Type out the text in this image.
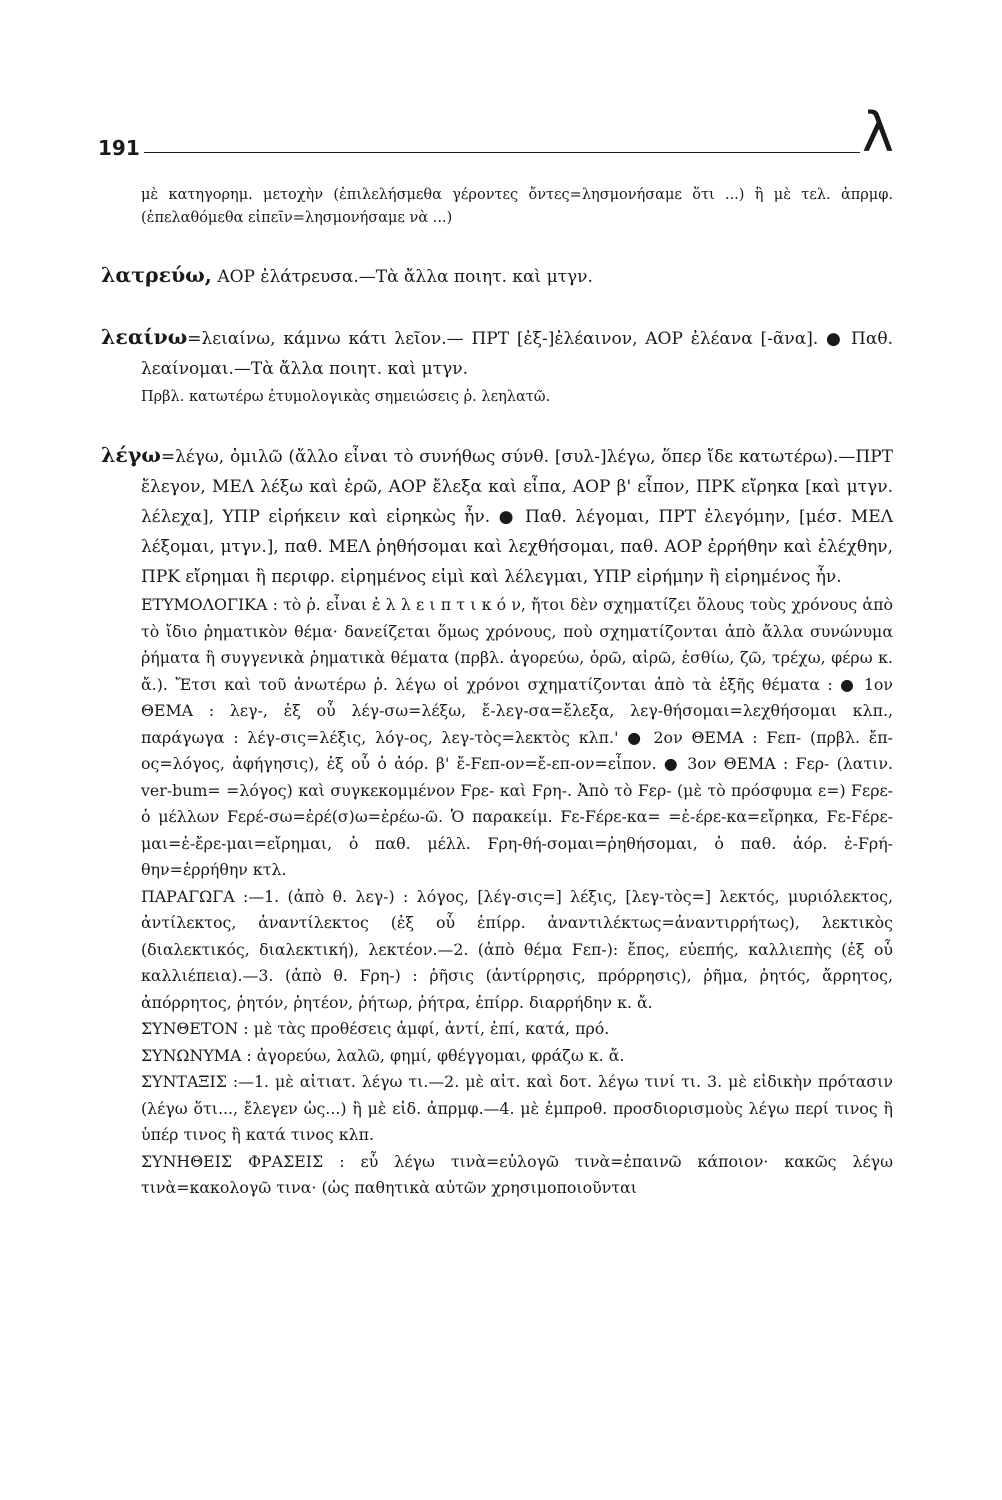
191	λ

μὲ κατηγορημ. μετοχὴν (ἐπιλελήσμεθα γέροντες ὄντες=λησμονήσαμε ὅτι ...) ἢ μὲ τελ. ἀπρμφ. (ἐπελαθόμεθα εἰπεῖν=λησμονήσαμε νὰ ...)

λατρεύω, ΑΟΡ ἐλάτρευσα.—Τὰ ἄλλα ποιητ. καὶ μτγν.

λεαίνω=λειαίνω, κάμνω κάτι λεῖον.— ΠΡΤ [ἐξ-]ἐλέαινον, ΑΟΡ ἐλέανα [-ᾶνα]. ● Παθ. λεαίνομαι.—Τὰ ἄλλα ποιητ. καὶ μτγν.

Πρβλ. κατωτέρω ἐτυμολογικὰς σημειώσεις ῥ. λεηλατῶ.

λέγω=λέγω, ὁμιλῶ (ἄλλο εἶναι τὸ συνήθως σύνθ. [συλ-]λέγω, ὅπερ ἴδε κατωτέρω).—ΠΡΤ ἔλεγον, ΜΕΛ λέξω καὶ ἐρῶ, ΑΟΡ ἔλεξα καὶ εἶπα, ΑΟΡ β' εἶπον, ΠΡΚ εἴρηκα [καὶ μτγν. λέλεχα], ΥΠΡ εἰρήκειν καὶ εἰρηκὼς ἦν. ● Παθ. λέγομαι, ΠΡΤ ἐλεγόμην, [μέσ. ΜΕΛ λέξομαι, μτγν.], παθ. ΜΕΛ ῥηθήσομαι καὶ λεχθήσομαι, παθ. ΑΟΡ ἐρρήθην καὶ ἐλέχθην, ΠΡΚ εἴρημαι ἢ περιφρ. εἰρημένος εἰμὶ καὶ λέλεγμαι, ΥΠΡ εἰρήμην ἢ εἰρημένος ἦν.

ΕΤΥΜΟΛΟΓΙΚΑ : τὸ ῥ. εἶναι ἐ λ λ ε ι π τ ι κ ό ν, ἤτοι δὲν σχηματίζει ὅλους τοὺς χρόνους ἀπὸ τὸ ἴδιο ῥηματικὸν θέμα· δανείζεται ὅμως χρόνους, ποὺ σχηματίζονται ἀπὸ ἄλλα συνώνυμα ῥήματα ἢ συγγενικὰ ῥηματικὰ θέματα (πρβλ. ἀγορεύω, ὁρῶ, αἱρῶ, ἐσθίω, ζῶ, τρέχω, φέρω κ. ἄ.). Ἔτσι καὶ τοῦ ἀνωτέρω ῥ. λέγω οἱ χρόνοι σχηματίζονται ἀπὸ τὰ ἑξῆς θέματα : ● 1ον ΘΕΜΑ : λεγ-, ἐξ οὗ λέγ-σω=λέξω, ἔ-λεγ-σα=ἔλεξα, λεγ-θήσομαι=λεχθήσομαι κλπ., παράγωγα : λέγ-σις=λέξις, λόγ-ος, λεγ-τὸς=λεκτὸς κλπ.' ● 2ον ΘΕΜΑ : Ϝεπ- (πρβλ. ἔπ-ος=λόγος, ἀφήγησις), ἐξ οὗ ὁ ἀόρ. β' ἔ-Ϝεπ-ον=ἔ-επ-ον=εἶπον. ● 3ον ΘΕΜΑ : Ϝερ- (λατιν. ver-bum= =λόγος) καὶ συγκεκομμένον Ϝρε- καὶ Ϝρη-. Ἀπὸ τὸ Ϝερ- (μὲ τὸ πρόσφυμα ε=) Ϝερε- ὁ μέλλων Ϝερέ-σω=ἐρέ(σ)ω=ἐρέω-ῶ. Ὁ παρακείμ. Ϝε-Ϝέρε-κα= =ἐ-έρε-κα=εἴρηκα, Ϝε-Ϝέρε-μαι=ἐ-ἔρε-μαι=εἴρημαι, ὁ παθ. μέλλ. Ϝρη-θή-σομαι=ῥηθήσομαι, ὁ παθ. ἀόρ. ἐ-Ϝρή-θην=ἐρρήθην κτλ.

ΠΑΡΑΓΩΓΑ :—1. (ἀπὸ θ. λεγ-) : λόγος, [λέγ-σις=] λέξις, [λεγ-τὸς=] λεκτός, μυριόλεκτος, ἀντίλεκτος, ἀναντίλεκτος (ἐξ οὗ ἐπίρρ. ἀναντιλέκτως=ἀναντιρρήτως), λεκτικὸς (διαλεκτικός, διαλεκτική), λεκτέον.—2. (ἀπὸ θέμα Ϝεπ-): ἔπος, εὐεπής, καλλιεπὴς (ἐξ οὗ καλλιέπεια).—3. (ἀπὸ θ. Ϝρη-) : ῥῆσις (ἀντίρρησις, πρόρρησις), ῥῆμα, ῥητός, ἄρρητος, ἀπόρρητος, ῥητόν, ῥητέον, ῥήτωρ, ῥήτρα, ἐπίρρ. διαρρήδην κ. ἄ.

ΣΥΝΘΕΤΟΝ : μὲ τὰς προθέσεις ἀμφί, ἀντί, ἐπί, κατά, πρό.

ΣΥΝΩΝΥΜΑ : ἀγορεύω, λαλῶ, φημί, φθέγγομαι, φράζω κ. ἄ.

ΣΥΝΤΑΞΙΣ :—1. μὲ αἰτιατ. λέγω τι.—2. μὲ αἰτ. καὶ δοτ. λέγω τινί τι. 3. μὲ εἰδικὴν πρότασιν (λέγω ὅτι..., ἔλεγεν ὡς...) ἢ μὲ εἰδ. ἀπρμφ.—4. μὲ ἐμπροθ. προσδιορισμοὺς λέγω περί τινος ἢ ὑπέρ τινος ἢ κατά τινος κλπ.

ΣΥΝΗΘΕΙΣ ΦΡΑΣΕΙΣ : εὖ λέγω τινὰ=εὐλογῶ τινὰ=ἐπαινῶ κάποιον· κακῶς λέγω τινὰ=κακολογῶ τινα· (ὡς παθητικὰ αὐτῶν χρησιμοποιοῦνται
